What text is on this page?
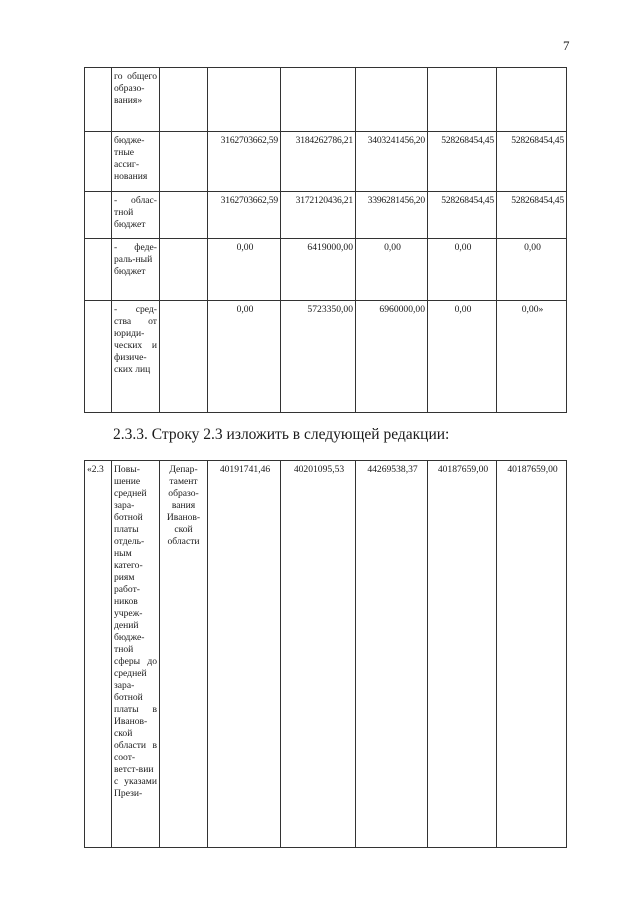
7
	го общего образо-вания»						
	бюдже-тные ассиг-нования		3162703662,59	3184262786,21	3403241456,20	528268454,45	528268454,45
	- облас-тной бюджет		3162703662,59	3172120436,21	3396281456,20	528268454,45	528268454,45
	- феде-раль-ный бюджет		0,00	6419000,00	0,00	0,00	0,00
	- сред-ства от юриди-ческих и физиче-ских лиц		0,00	5723350,00	6960000,00	0,00	0,00»
2.3.3. Строку 2.3 изложить в следующей редакции:
«2.3	Повы-шение средней зара-ботной платы отдель-ным катего-риям работ-ников учреж-дений бюдже-тной сферы до средней зара-ботной платы в Иванов-ской области в соот-ветст-вии с указами Прези-	Депар-тамент образо-вания Иванов-ской области	40191741,46	40201095,53	44269538,37	40187659,00	40187659,00
